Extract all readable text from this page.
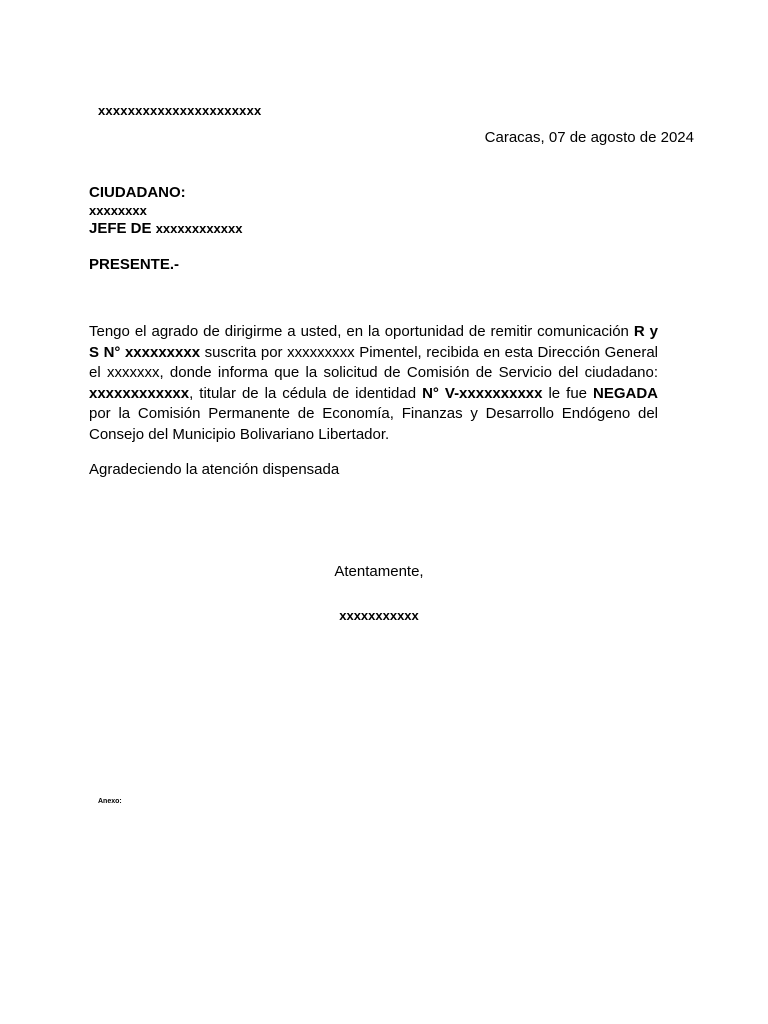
xxxxxxxxxxxxxxxxxxxxxx
Caracas, 07 de agosto de 2024
CIUDADANO:
xxxxxxxx
JEFE DE xxxxxxxxxxxx
PRESENTE.-
Tengo el agrado de dirigirme a usted, en la oportunidad de remitir comunicación R y S N° xxxxxxxxx suscrita por xxxxxxxxx Pimentel, recibida en esta Dirección General el xxxxxxx, donde informa que la solicitud de Comisión de Servicio del ciudadano: xxxxxxxxxxxx, titular de la cédula de identidad N° V-xxxxxxxxxx le fue NEGADA por la Comisión Permanente de Economía, Finanzas y Desarrollo Endógeno del Consejo del Municipio Bolivariano Libertador.
Agradeciendo la atención dispensada
Atentamente,
xxxxxxxxxxx
Anexo:
